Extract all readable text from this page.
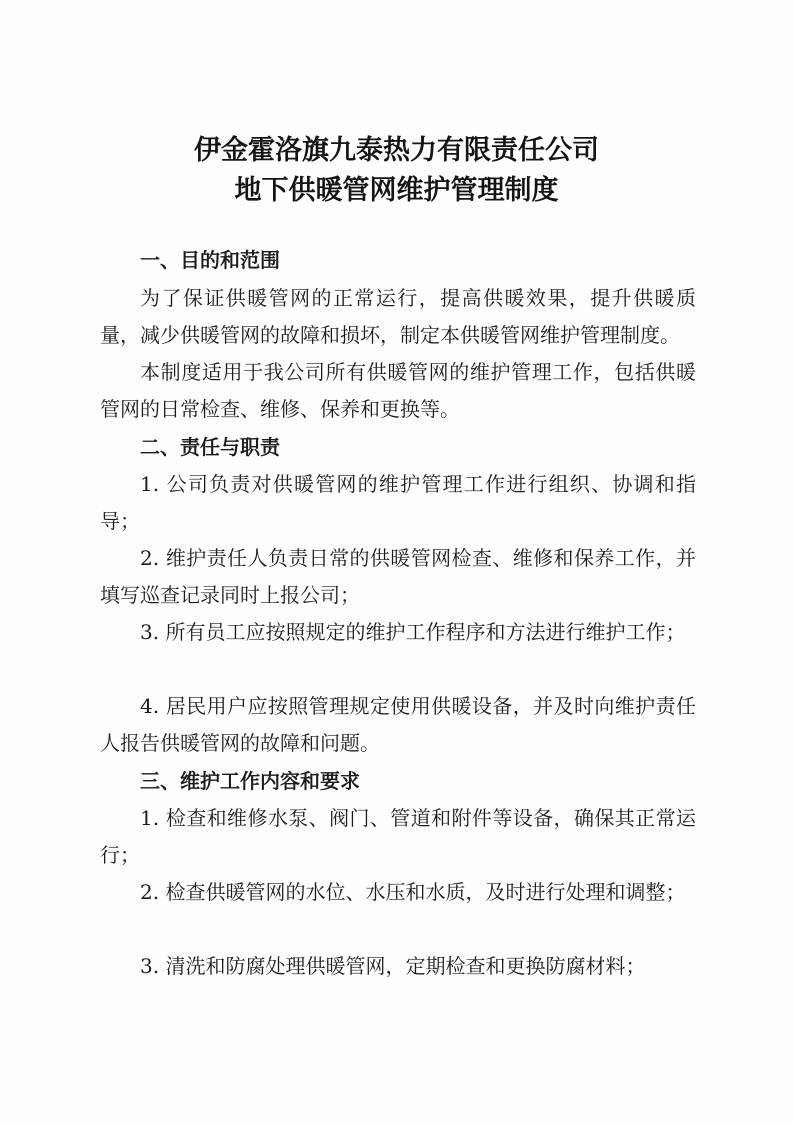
伊金霍洛旗九泰热力有限责任公司
地下供暖管网维护管理制度
一、目的和范围
为了保证供暖管网的正常运行，提高供暖效果，提升供暖质量，减少供暖管网的故障和损坏，制定本供暖管网维护管理制度。
本制度适用于我公司所有供暖管网的维护管理工作，包括供暖管网的日常检查、维修、保养和更换等。
二、责任与职责
1. 公司负责对供暖管网的维护管理工作进行组织、协调和指导；
2. 维护责任人负责日常的供暖管网检查、维修和保养工作，并填写巡查记录同时上报公司；
3. 所有员工应按照规定的维护工作程序和方法进行维护工作；
4. 居民用户应按照管理规定使用供暖设备，并及时向维护责任人报告供暖管网的故障和问题。
三、维护工作内容和要求
1. 检查和维修水泵、阀门、管道和附件等设备，确保其正常运行；
2. 检查供暖管网的水位、水压和水质，及时进行处理和调整；
3. 清洗和防腐处理供暖管网，定期检查和更换防腐材料；
